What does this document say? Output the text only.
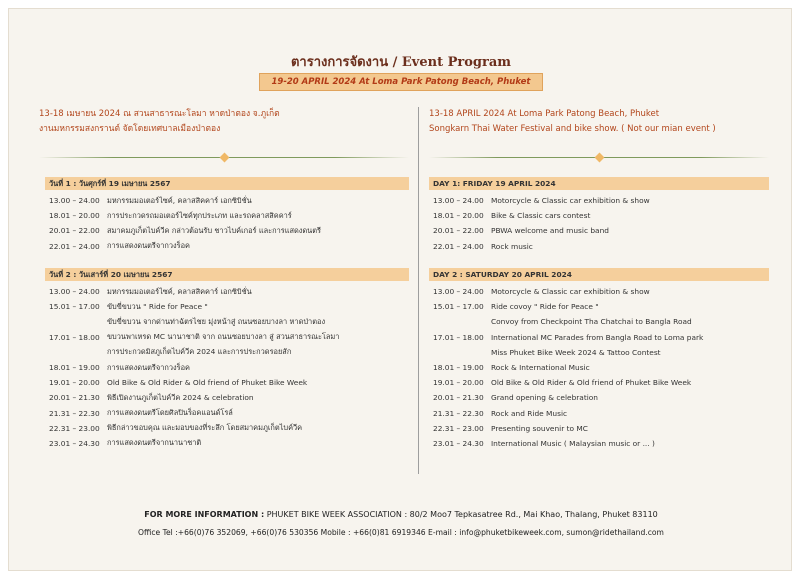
ตารางการจัดงาน / Event Program
19-20 APRIL 2024 At Loma Park Patong Beach, Phuket
13-18 เมษายน 2024 ณ สวนสาธารณะโลมา หาดป่าตอง จ.ภูเก็ต
งานมหกรรมสงกรานต์ จัดโดยเทศบาลเมืองป่าตอง
13-18 APRIL 2024 At Loma Park Patong Beach, Phuket
Songkarn Thai Water Festival and bike show. ( Not our mian event )
วันที่ 1 : วันศุกร์ที่ 19 เมษายน 2567
13.00 – 24.00 มหกรรมมอเตอร์ไซค์, คลาสสิคคาร์ เอกซิบิชั่น
18.01 – 20.00 การประกวดรถมอเตอร์ไซค์ทุกประเภท และรถคลาสสิคคาร์
20.01 – 22.00 สมาคมภูเก็ตไบค์วีค กล่าวต้อนรับ ชาวไบค์เกอร์ และการแสดงดนตรี
22.01 – 24.00 การแสดงดนตรีจากวงร็อค
วันที่ 2 : วันเสาร์ที่ 20 เมษายน 2567
13.00 – 24.00 มหกรรมมอเตอร์ไซค์, คลาสสิคคาร์ เอกซิบิชั่น
15.01 – 17.00 ขับขี่ขบวน " Ride for Peace "
ขับขี่ขบวน จากด่านท่าฉัตรไชย มุ่งหน้าสู่ ถนนซอยบางลา หาดป่าตอง
17.01 – 18.00 ขบวนพาเหรด MC นานาชาติ จาก ถนนซอยบางลา สู่ สวนสาธารณะโลมา
การประกวดมิสภูเก็ตไบค์วีค 2024 และการประกวดรอยสัก
18.01 – 19.00 การแสดงดนตรีจากวงร็อค
19.01 – 20.00 Old Bike & Old Rider & Old friend of Phuket Bike Week
20.01 – 21.30 พิธีเปิดงานภูเก็ตไบค์วีค 2024 & celebration
21.31 – 22.30 การแสดงดนตรีโดยศิลปินร็อคแอนด์โรล์
22.31 – 23.00 พิธีกล่าวขอบคุณ และมอบของที่ระลึก โดยสมาคมภูเก็ตไบค์วีค
23.01 – 24.30 การแสดงดนตรีจากนานาชาติ
DAY 1: FRIDAY 19 APRIL 2024
13.00 – 24.00 Motorcycle & Classic car exhibition & show
18.01 – 20.00 Bike & Classic cars contest
20.01 – 22.00 PBWA welcome and music band
22.01 – 24.00 Rock music
DAY 2 : SATURDAY 20 APRIL 2024
13.00 – 24.00 Motorcycle & Classic car exhibition & show
15.01 – 17.00 Ride covoy " Ride for Peace "
Convoy from Checkpoint Tha Chatchai to Bangla Road
17.01 – 18.00 International MC Parades from Bangla Road to Loma park
Miss Phuket Bike Week 2024 & Tattoo Contest
18.01 – 19.00 Rock & International Music
19.01 – 20.00 Old Bike & Old Rider & Old friend of Phuket Bike Week
20.01 – 21.30 Grand opening & celebration
21.31 – 22.30 Rock and Ride Music
22.31 – 23.00 Presenting souvenir to MC
23.01 – 24.30 International Music ( Malaysian music or ... )
FOR MORE INFORMATION : PHUKET BIKE WEEK ASSOCIATION : 80/2 Moo7 Tepkasatree Rd., Mai Khao, Thalang, Phuket 83110
Office Tel :+66(0)76 352069, +66(0)76 530356 Mobile : +66(0)81 6919346 E-mail : info@phuketbikeweek.com, sumon@ridethailand.com
